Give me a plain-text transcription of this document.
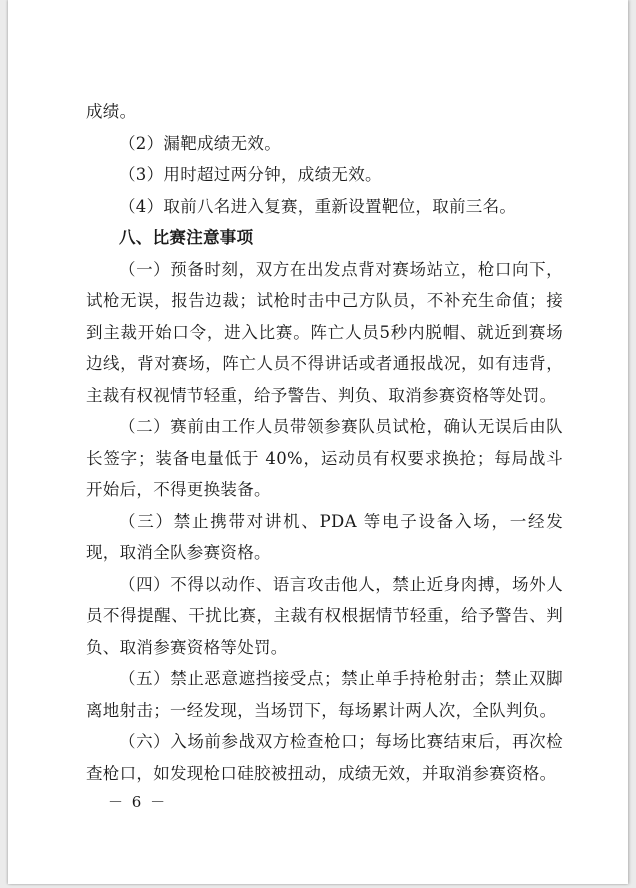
成绩。

（2）漏靶成绩无效。

（3）用时超过两分钟，成绩无效。

（4）取前八名进入复赛，重新设置靶位，取前三名。

八、比赛注意事项

（一）预备时刻，双方在出发点背对赛场站立，枪口向下，试枪无误，报告边裁；试枪时击中己方队员，不补充生命值；接到主裁开始口令，进入比赛。阵亡人员5秒内脱帽、就近到赛场边线，背对赛场，阵亡人员不得讲话或者通报战况，如有违背，主裁有权视情节轻重，给予警告、判负、取消参赛资格等处罚。

（二）赛前由工作人员带领参赛队员试枪，确认无误后由队长签字；装备电量低于 40%，运动员有权要求换抢；每局战斗开始后，不得更换装备。

（三）禁止携带对讲机、PDA 等电子设备入场，一经发现，取消全队参赛资格。

（四）不得以动作、语言攻击他人，禁止近身肉搏，场外人员不得提醒、干扰比赛，主裁有权根据情节轻重，给予警告、判负、取消参赛资格等处罚。

（五）禁止恶意遮挡接受点；禁止单手持枪射击；禁止双脚离地射击；一经发现，当场罚下，每场累计两人次，全队判负。

（六）入场前参战双方检查枪口；每场比赛结束后，再次检查枪口，如发现枪口硅胶被扭动，成绩无效，并取消参赛资格。

－ 6 －
